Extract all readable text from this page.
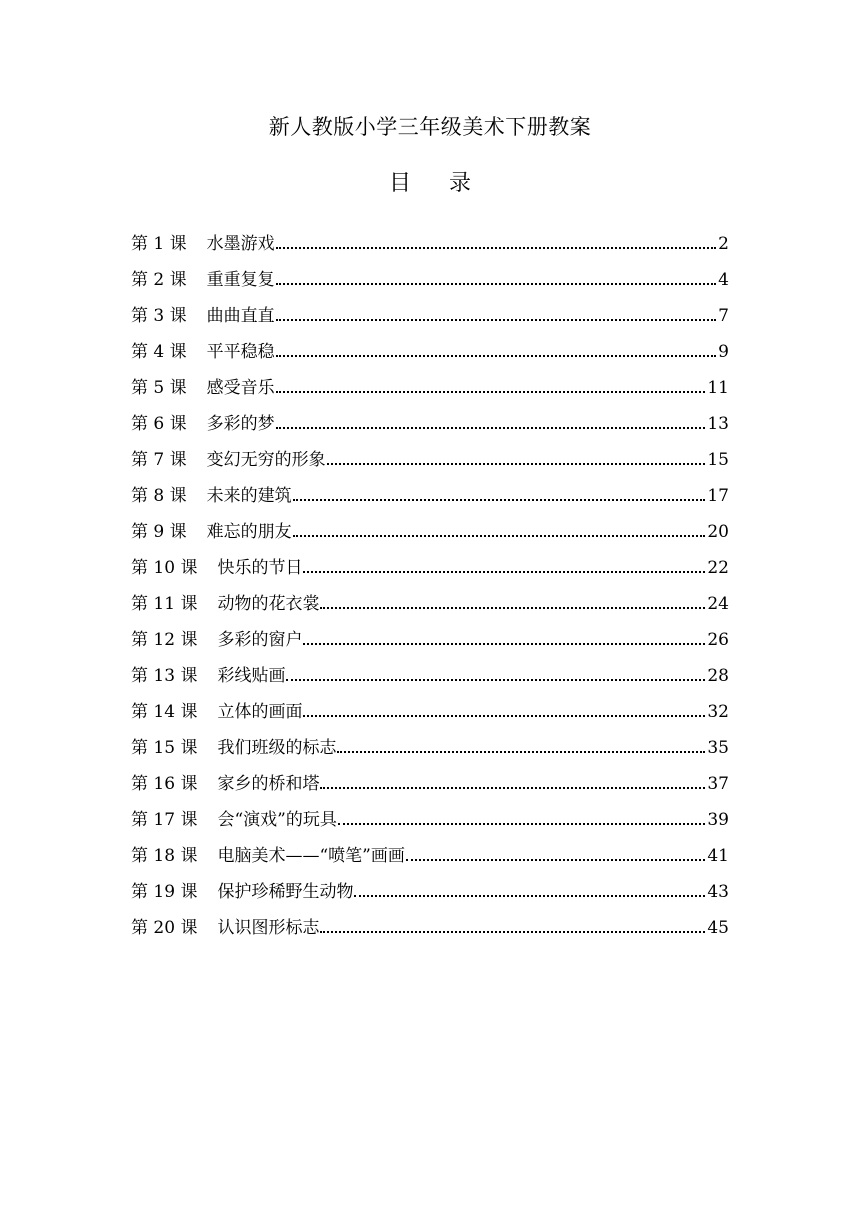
新人教版小学三年级美术下册教案
目 录
第 1 课 水墨游戏	2
第 2 课 重重复复	4
第 3 课 曲曲直直	7
第 4 课 平平稳稳	9
第 5 课 感受音乐	11
第 6 课 多彩的梦	13
第 7 课 变幻无穷的形象	15
第 8 课 未来的建筑	17
第 9 课 难忘的朋友	20
第 10 课 快乐的节日	22
第 11 课 动物的花衣裳	24
第 12 课 多彩的窗户	26
第 13 课 彩线贴画	28
第 14 课 立体的画面	32
第 15 课 我们班级的标志	35
第 16 课 家乡的桥和塔	37
第 17 课 会“演戏”的玩具	39
第 18 课 电脑美术——“喷笔”画画	41
第 19 课 保护珍稀野生动物	43
第 20 课 认识图形标志	45
